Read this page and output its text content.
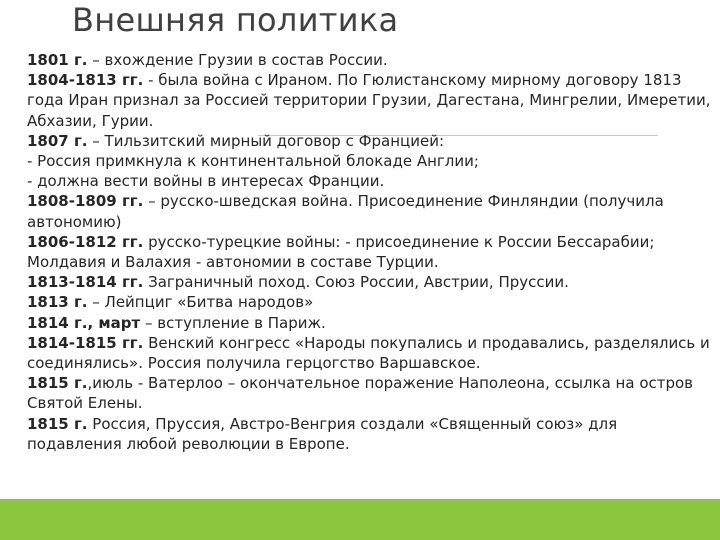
Внешняя политика

1801 г. – вхождение Грузии в состав России.

1804-1813 гг. - была война с Ираном. По Гюлистанскому мирному договору 1813 года Иран признал за Россией территории Грузии, Дагестана, Мингрелии, Имеретии, Абхазии, Гурии.

1807 г. – Тильзитский мирный договор с Францией:

- Россия примкнула к континентальной блокаде Англии;

- должна вести войны в интересах Франции.

1808-1809 гг. – русско-шведская война. Присоединение Финляндии (получила автономию)

1806-1812 гг. русско-турецкие войны: - присоединение к России Бессарабии; Молдавия и Валахия - автономии в составе Турции.

1813-1814 гг. Заграничный поход. Союз России, Австрии, Пруссии.

1813 г. – Лейпциг «Битва народов»

1814 г., март – вступление в Париж.

1814-1815 гг. Венский конгресс «Народы покупались и продавались, разделялись и соединялись». Россия получила герцогство Варшавское.

1815 г.,июль - Ватерлоо – окончательное поражение Наполеона, ссылка на остров Святой Елены.

1815 г. Россия, Пруссия, Австро-Венгрия создали «Священный союз» для подавления любой революции в Европе.
